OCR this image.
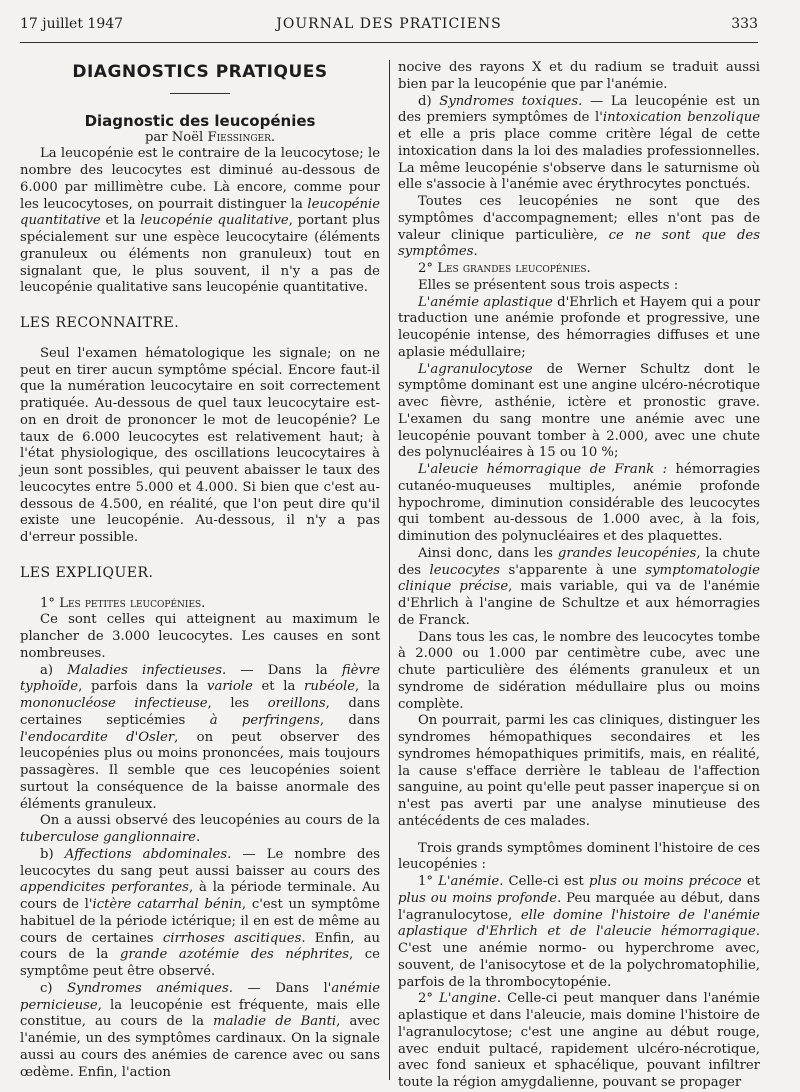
17 juillet 1947	JOURNAL DES PRATICIENS	333
DIAGNOSTICS PRATIQUES
Diagnostic des leucopénies

par Noël Fiessinger.

La leucopénie est le contraire de la leucocytose; le nombre des leucocytes est diminué au-dessous de 6.000 par millimètre cube. Là encore, comme pour les leucocytoses, on pourrait distinguer la leucopénie quantitative et la leucopénie qualitative, portant plus spécialement sur une espèce leucocytaire (éléments granuleux ou éléments non granuleux) tout en signalant que, le plus souvent, il n'y a pas de leucopénie qualitative sans leucopénie quantitative.

LES RECONNAITRE.

Seul l'examen hématologique les signale; on ne peut en tirer aucun symptôme spécial. Encore faut-il que la numération leucocytaire en soit correctement pratiquée. Au-dessous de quel taux leucocytaire est-on en droit de prononcer le mot de leucopénie? Le taux de 6.000 leucocytes est relativement haut; à l'état physiologique, des oscillations leucocytaires à jeun sont possibles, qui peuvent abaisser le taux des leucocytes entre 5.000 et 4.000. Si bien que c'est au-dessous de 4.500, en réalité, que l'on peut dire qu'il existe une leucopénie. Au-dessous, il n'y a pas d'erreur possible.

LES EXPLIQUER.

1° Les petites leucopénies.

Ce sont celles qui atteignent au maximum le plancher de 3.000 leucocytes. Les causes en sont nombreuses.

a) Maladies infectieuses. — Dans la fièvre typhoïde, parfois dans la variole et la rubéole, la mononucléose infectieuse, les oreillons, dans certaines septicémies à perfringens, dans l'endocardite d'Osler, on peut observer des leucopénies plus ou moins prononcées, mais toujours passagères. Il semble que ces leucopénies soient surtout la conséquence de la baisse anormale des éléments granuleux.

On a aussi observé des leucopénies au cours de la tuberculose ganglionnaire.

b) Affections abdominales. — Le nombre des leucocytes du sang peut aussi baisser au cours des appendicites perforantes, à la période terminale. Au cours de l'ictère catarrhal bénin, c'est un symptôme habituel de la période ictérique; il en est de même au cours de certaines cirrhoses ascitiques. Enfin, au cours de la grande azotémie des néphrites, ce symptôme peut être observé.

c) Syndromes anémiques. — Dans l'anémie pernicieuse, la leucopénie est fréquente, mais elle constitue, au cours de la maladie de Banti, avec l'anémie, un des symptômes cardinaux. On la signale aussi au cours des anémies de carence avec ou sans œdème. Enfin, l'action

nocive des rayons X et du radium se traduit aussi bien par la leucopénie que par l'anémie.

d) Syndromes toxiques. — La leucopénie est un des premiers symptômes de l'intoxication benzolique et elle a pris place comme critère légal de cette intoxication dans la loi des maladies professionnelles. La même leucopénie s'observe dans le saturnisme où elle s'associe à l'anémie avec érythrocytes ponctués.

Toutes ces leucopénies ne sont que des symptômes d'accompagnement; elles n'ont pas de valeur clinique particulière, ce ne sont que des symptômes.

2° Les grandes leucopénies.

Elles se présentent sous trois aspects :

L'anémie aplastique d'Ehrlich et Hayem qui a pour traduction une anémie profonde et progressive, une leucopénie intense, des hémorragies diffuses et une aplasie médullaire;

L'agranulocytose de Werner Schultz dont le symptôme dominant est une angine ulcéro-nécrotique avec fièvre, asthénie, ictère et pronostic grave. L'examen du sang montre une anémie avec une leucopénie pouvant tomber à 2.000, avec une chute des polynucléaires à 15 ou 10 %;

L'aleucie hémorragique de Frank : hémorragies cutanéo-muqueuses multiples, anémie profonde hypochrome, diminution considérable des leucocytes qui tombent au-dessous de 1.000 avec, à la fois, diminution des polynucléaires et des plaquettes.

Ainsi donc, dans les grandes leucopénies, la chute des leucocytes s'apparente à une symptomatologie clinique précise, mais variable, qui va de l'anémie d'Ehrlich à l'angine de Schultze et aux hémorragies de Franck.

Dans tous les cas, le nombre des leucocytes tombe à 2.000 ou 1.000 par centimètre cube, avec une chute particulière des éléments granuleux et un syndrome de sidération médullaire plus ou moins complète.

On pourrait, parmi les cas cliniques, distinguer les syndromes hémopathiques secondaires et les syndromes hémopathiques primitifs, mais, en réalité, la cause s'efface derrière le tableau de l'affection sanguine, au point qu'elle peut passer inaperçue si on n'est pas averti par une analyse minutieuse des antécédents de ces malades.

Trois grands symptômes dominent l'histoire de ces leucopénies :

1° L'anémie. Celle-ci est plus ou moins précoce et plus ou moins profonde. Peu marquée au début, dans l'agranulocytose, elle domine l'histoire de l'anémie aplastique d'Ehrlich et de l'aleucie hémorragique. C'est une anémie normo- ou hyperchrome avec, souvent, de l'anisocytose et de la polychromatophilie, parfois de la thrombocytopénie.

2° L'angine. Celle-ci peut manquer dans l'anémie aplastique et dans l'aleucie, mais domine l'histoire de l'agranulocytose; c'est une angine au début rouge, avec enduit pultacé, rapidement ulcéro-nécrotique, avec fond sanieux et sphacélique, pouvant infiltrer toute la région amygdalienne, pouvant se propager
